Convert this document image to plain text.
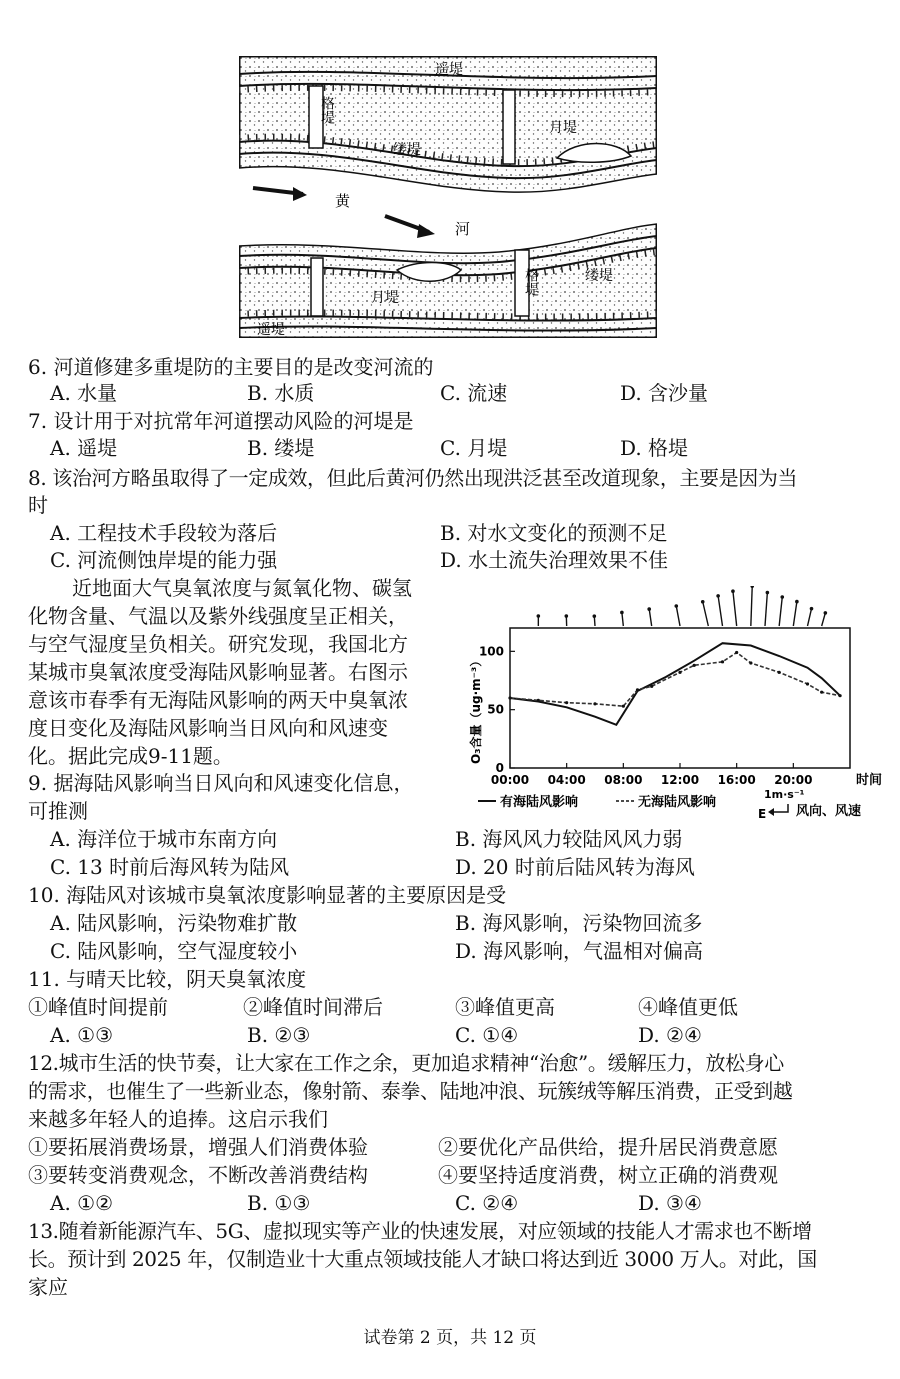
遥堤
格堤
月堤
缕堤
黄
河
格堤	缕堤
月堤
遥堤
6. 河道修建多重堤防的主要目的是改变河流的
A. 水量	B. 水质	C. 流速	D. 含沙量
7. 设计用于对抗常年河道摆动风险的河堤是
A. 遥堤	B. 缕堤	C. 月堤	D. 格堤
8. 该治河方略虽取得了一定成效，但此后黄河仍然出现洪泛甚至改道现象，主要是因为当
时
A. 工程技术手段较为落后	B. 对水文变化的预测不足
C. 河流侧蚀岸堤的能力强	D. 水土流失治理效果不佳
近地面大气臭氧浓度与氮氧化物、碳氢
化物含量、气温以及紫外线强度呈正相关，
与空气湿度呈负相关。研究发现，我国北方
某城市臭氧浓度受海陆风影响显著。右图示
意该市春季有无海陆风影响的两天中臭氧浓
度日变化及海陆风影响当日风向和风速变
化。据此完成9-11题。	0
50
100
00:00 04:00 08:00 12:00 16:00 20:00
O₃含量（ug·m⁻³）
时间
有海陆风影响	无海陆风影响
1m·s⁻¹
E 风向、风速
9. 据海陆风影响当日风向和风速变化信息，
可推测
A. 海洋位于城市东南方向	B. 海风风力较陆风风力弱
C. 13 时前后海风转为陆风	D. 20 时前后陆风转为海风
10. 海陆风对该城市臭氧浓度影响显著的主要原因是受
A. 陆风影响，污染物难扩散	B. 海风影响，污染物回流多
C. 陆风影响，空气湿度较小	D. 海风影响，气温相对偏高
11. 与晴天比较，阴天臭氧浓度
①峰值时间提前	②峰值时间滞后	③峰值更高	④峰值更低
A. ①③	B. ②③	C. ①④	D. ②④
12.城市生活的快节奏，让大家在工作之余，更加追求精神“治愈”。缓解压力，放松身心
的需求，也催生了一些新业态，像射箭、泰拳、陆地冲浪、玩簇绒等解压消费，正受到越
来越多年轻人的追捧。这启示我们
①要拓展消费场景，增强人们消费体验	②要优化产品供给，提升居民消费意愿
③要转变消费观念，不断改善消费结构	④要坚持适度消费，树立正确的消费观
A. ①②	B. ①③	C. ②④	D. ③④
13.随着新能源汽车、5G、虚拟现实等产业的快速发展，对应领域的技能人才需求也不断增
长。预计到 2025 年，仅制造业十大重点领域技能人才缺口将达到近 3000 万人。对此，国
家应
试卷第 2 页，共 12 页
